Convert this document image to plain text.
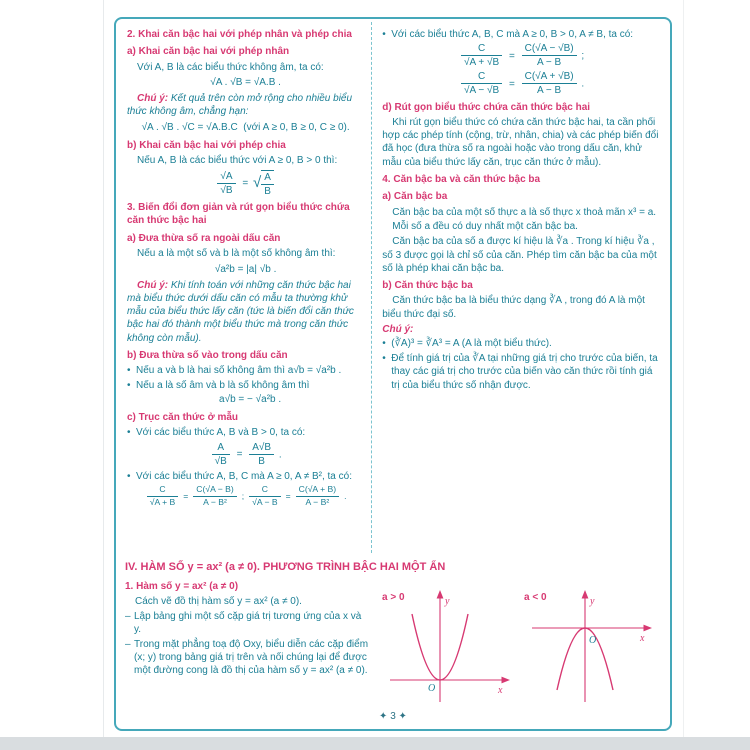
2. Khai căn bậc hai với phép nhân và phép chia
a) Khai căn bậc hai với phép nhân

Với A, B là các biểu thức không âm, ta có:

√A . √B = √A.B .

Chú ý: Kết quả trên còn mở rộng cho nhiều biểu thức không âm, chẳng hạn:

√A . √B . √C = √A.B.C (với A ≥ 0, B ≥ 0, C ≥ 0).
b) Khai căn bậc hai với phép chia

Nếu A, B là các biểu thức với A ≥ 0, B > 0 thì:

$\frac{√A}{√B}$ = √ $\frac{A}{B}$
3. Biến đổi đơn giản và rút gọn biểu thức chứa căn thức bậc hai
a) Đưa thừa số ra ngoài dấu căn

Nếu a là một số và b là một số không âm thì:

√a²b = |a| √b .

Chú ý: Khi tính toán với những căn thức bậc hai mà biểu thức dưới dấu căn có mẫu ta thường khử mẫu của biểu thức lấy căn (tức là biến đổi căn thức bậc hai đó thành một biểu thức mà trong căn thức không còn mẫu).

b) Đưa thừa số vào trong dấu căn
• Nếu a và b là hai số không âm thì a√b = √a²b .
• Nếu a là số âm và b là số không âm thì
a√b = − √a²b .
c) Trục căn thức ở mẫu
• Với các biểu thức A, B và B > 0, ta có:
$\frac{A}{√B} = \frac{A√B}{B}$ .
• Với các biểu thức A, B, C mà A ≥ 0, A ≠ B², ta có:
$\frac{C}{√A + B} = \frac{C(√A - B)}{\text{A − B²}}$ ; $\frac{C}{√A - B} = \frac{C(√A + B)}{\text{A − B²}}$ .
• Với các biểu thức A, B, C mà A ≥ 0, B > 0, A ≠ B, ta có:
$\frac{C}{√A + √B} = \frac{C(√A - √B)}{A - B}$ ;
$\frac{C}{√A - √B} = \frac{C(√A + √B)}{A - B}$ .
d) Rút gọn biểu thức chứa căn thức bậc hai

Khi rút gọn biểu thức có chứa căn thức bậc hai, ta cần phối hợp các phép tính (cộng, trừ, nhân, chia) và các phép biến đổi đã học (đưa thừa số ra ngoài hoặc vào trong dấu căn, khử mẫu của biểu thức lấy căn, trục căn thức ở mẫu).

4. Căn bậc ba và căn thức bậc ba
a) Căn bậc ba

Căn bậc ba của một số thực a là số thực x thoả mãn x³ = a.

Mỗi số a đều có duy nhất một căn bậc ba.

Căn bậc ba của số a được kí hiệu là ∛a . Trong kí hiệu ∛a , số 3 được gọi là chỉ số của căn. Phép tìm căn bậc ba của một số là phép khai căn bậc ba.

b) Căn thức bậc ba

Căn thức bậc ba là biểu thức dạng ∛A , trong đó A là một biểu thức đại số.

Chú ý:

• (∛A)³ = ∛A³ = A (A là một biểu thức).
• Để tính giá trị của ∛A tại những giá trị cho trước của biến, ta thay các giá trị cho trước của biến vào căn thức rồi tính giá trị của biểu thức số nhận được.
IV. HÀM SỐ y = ax² (a ≠ 0). PHƯƠNG TRÌNH BẬC HAI MỘT ẨN
1. Hàm số y = ax² (a ≠ 0)

Cách vẽ đồ thị hàm số y = ax² (a ≠ 0).

– Lập bảng ghi một số cặp giá trị tương ứng của x và y.
– Trong mặt phẳng toạ độ Oxy, biểu diễn các cặp điểm (x; y) trong bảng giá trị trên và nối chúng lại để được một đường cong là đồ thị của hàm số y = ax² (a ≠ 0).
a > 0	y
x
O
a < 0	y
x
O
✦ 3 ✦
